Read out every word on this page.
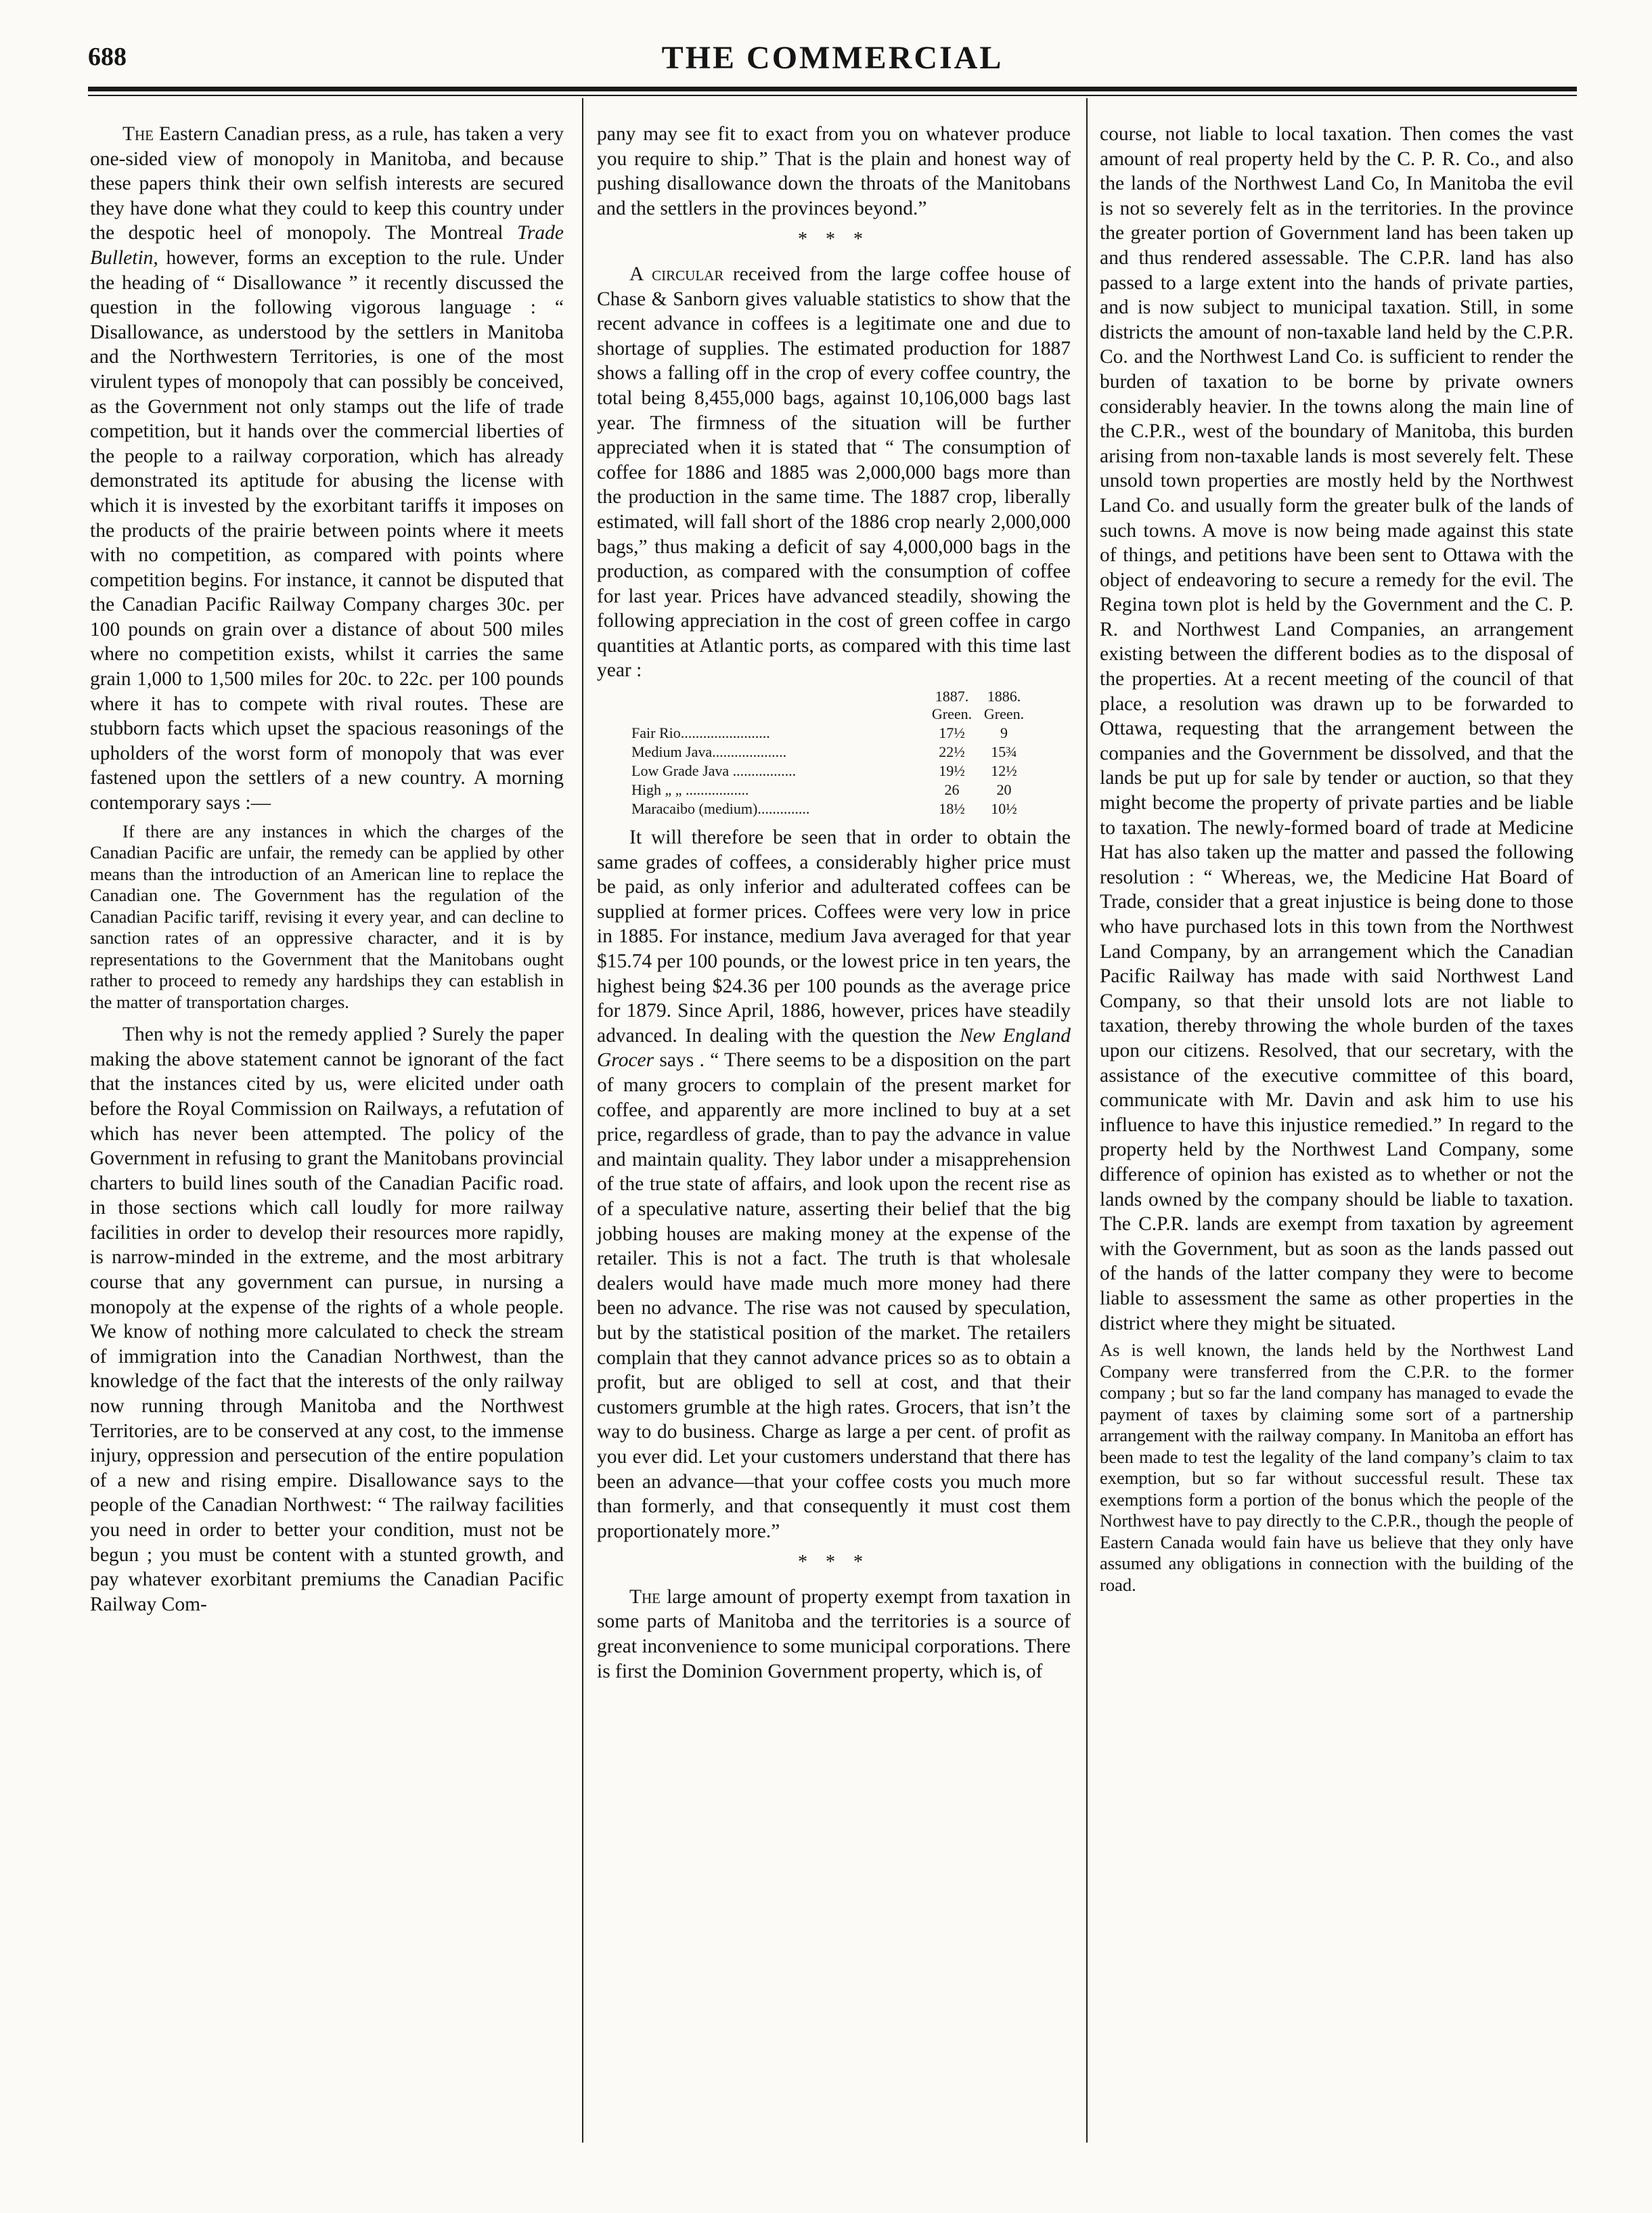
688	THE COMMERCIAL

The Eastern Canadian press, as a rule, has taken a very one-sided view of monopoly in Manitoba, and because these papers think their own selfish interests are secured they have done what they could to keep this country under the despotic heel of monopoly. The Montreal Trade Bulletin, however, forms an exception to the rule. Under the heading of “ Disallowance ” it recently discussed the question in the following vigorous language : “ Disallowance, as understood by the settlers in Manitoba and the Northwestern Territories, is one of the most virulent types of monopoly that can possibly be conceived, as the Government not only stamps out the life of trade competition, but it hands over the commercial liberties of the people to a railway corporation, which has already demonstrated its aptitude for abusing the license with which it is invested by the exorbitant tariffs it imposes on the products of the prairie between points where it meets with no competition, as compared with points where competition begins. For instance, it cannot be disputed that the Canadian Pacific Railway Company charges 30c. per 100 pounds on grain over a distance of about 500 miles where no competition exists, whilst it carries the same grain 1,000 to 1,500 miles for 20c. to 22c. per 100 pounds where it has to compete with rival routes. These are stubborn facts which upset the spacious reasonings of the upholders of the worst form of monopoly that was ever fastened upon the settlers of a new country. A morning contemporary says :—

If there are any instances in which the charges of the Canadian Pacific are unfair, the remedy can be applied by other means than the introduction of an American line to replace the Canadian one. The Government has the regulation of the Canadian Pacific tariff, revising it every year, and can decline to sanction rates of an oppressive character, and it is by representations to the Government that the Manitobans ought rather to proceed to remedy any hardships they can establish in the matter of transportation charges.

Then why is not the remedy applied ? Surely the paper making the above statement cannot be ignorant of the fact that the instances cited by us, were elicited under oath before the Royal Commission on Railways, a refutation of which has never been attempted. The policy of the Government in refusing to grant the Manitobans provincial charters to build lines south of the Canadian Pacific road. in those sections which call loudly for more railway facilities in order to develop their resources more rapidly, is narrow-minded in the extreme, and the most arbitrary course that any government can pursue, in nursing a monopoly at the expense of the rights of a whole people. We know of nothing more calculated to check the stream of immigration into the Canadian Northwest, than the knowledge of the fact that the interests of the only railway now running through Manitoba and the Northwest Territories, are to be conserved at any cost, to the immense injury, oppression and persecution of the entire population of a new and rising empire. Disallowance says to the people of the Canadian Northwest: “ The railway facilities you need in order to better your condition, must not be begun ; you must be content with a stunted growth, and pay whatever exorbitant premiums the Canadian Pacific Railway Com-

pany may see fit to exact from you on whatever produce you require to ship.” That is the plain and honest way of pushing disallowance down the throats of the Manitobans and the settlers in the provinces beyond.”

* * *

A circular received from the large coffee house of Chase & Sanborn gives valuable statistics to show that the recent advance in coffees is a legitimate one and due to shortage of supplies. The estimated production for 1887 shows a falling off in the crop of every coffee country, the total being 8,455,000 bags, against 10,106,000 bags last year. The firmness of the situation will be further appreciated when it is stated that “ The consumption of coffee for 1886 and 1885 was 2,000,000 bags more than the production in the same time. The 1887 crop, liberally estimated, will fall short of the 1886 crop nearly 2,000,000 bags,” thus making a deficit of say 4,000,000 bags in the production, as compared with the consumption of coffee for last year. Prices have advanced steadily, showing the following appreciation in the cost of green coffee in cargo quantities at Atlantic ports, as compared with this time last year :

	1887.
Green.	1886.
Green.
Fair Rio........................	17½	9
Medium Java....................	22½	15¾
Low Grade Java .................	19½	12½
High „ „ .................	26	20
Maracaibo (medium)..............	18½	10½

It will therefore be seen that in order to obtain the same grades of coffees, a considerably higher price must be paid, as only inferior and adulterated coffees can be supplied at former prices. Coffees were very low in price in 1885. For instance, medium Java averaged for that year $15.74 per 100 pounds, or the lowest price in ten years, the highest being $24.36 per 100 pounds as the average price for 1879. Since April, 1886, however, prices have steadily advanced. In dealing with the question the New England Grocer says . “ There seems to be a disposition on the part of many grocers to complain of the present market for coffee, and apparently are more inclined to buy at a set price, regardless of grade, than to pay the advance in value and maintain quality. They labor under a misapprehension of the true state of affairs, and look upon the recent rise as of a speculative nature, asserting their belief that the big jobbing houses are making money at the expense of the retailer. This is not a fact. The truth is that wholesale dealers would have made much more money had there been no advance. The rise was not caused by speculation, but by the statistical position of the market. The retailers complain that they cannot advance prices so as to obtain a profit, but are obliged to sell at cost, and that their customers grumble at the high rates. Grocers, that isn’t the way to do business. Charge as large a per cent. of profit as you ever did. Let your customers understand that there has been an advance—that your coffee costs you much more than formerly, and that consequently it must cost them proportionately more.”

* * *

The large amount of property exempt from taxation in some parts of Manitoba and the territories is a source of great inconvenience to some municipal corporations. There is first the Dominion Government property, which is, of

course, not liable to local taxation. Then comes the vast amount of real property held by the C. P. R. Co., and also the lands of the Northwest Land Co, In Manitoba the evil is not so severely felt as in the territories. In the province the greater portion of Government land has been taken up and thus rendered assessable. The C.P.R. land has also passed to a large extent into the hands of private parties, and is now subject to municipal taxation. Still, in some districts the amount of non-taxable land held by the C.P.R. Co. and the Northwest Land Co. is sufficient to render the burden of taxation to be borne by private owners considerably heavier. In the towns along the main line of the C.P.R., west of the boundary of Manitoba, this burden arising from non-taxable lands is most severely felt. These unsold town properties are mostly held by the Northwest Land Co. and usually form the greater bulk of the lands of such towns. A move is now being made against this state of things, and petitions have been sent to Ottawa with the object of endeavoring to secure a remedy for the evil. The Regina town plot is held by the Government and the C. P. R. and Northwest Land Companies, an arrangement existing between the different bodies as to the disposal of the properties. At a recent meeting of the council of that place, a resolution was drawn up to be forwarded to Ottawa, requesting that the arrangement between the companies and the Government be dissolved, and that the lands be put up for sale by tender or auction, so that they might become the property of private parties and be liable to taxation. The newly-formed board of trade at Medicine Hat has also taken up the matter and passed the following resolution : “ Whereas, we, the Medicine Hat Board of Trade, consider that a great injustice is being done to those who have purchased lots in this town from the Northwest Land Company, by an arrangement which the Canadian Pacific Railway has made with said Northwest Land Company, so that their unsold lots are not liable to taxation, thereby throwing the whole burden of the taxes upon our citizens. Resolved, that our secretary, with the assistance of the executive committee of this board, communicate with Mr. Davin and ask him to use his influence to have this injustice remedied.” In regard to the property held by the Northwest Land Company, some difference of opinion has existed as to whether or not the lands owned by the company should be liable to taxation. The C.P.R. lands are exempt from taxation by agreement with the Government, but as soon as the lands passed out of the hands of the latter company they were to become liable to assessment the same as other properties in the district where they might be situated.

As is well known, the lands held by the Northwest Land Company were transferred from the C.P.R. to the former company ; but so far the land company has managed to evade the payment of taxes by claiming some sort of a partnership arrangement with the railway company. In Manitoba an effort has been made to test the legality of the land company’s claim to tax exemption, but so far without successful result. These tax exemptions form a portion of the bonus which the people of the Northwest have to pay directly to the C.P.R., though the people of Eastern Canada would fain have us believe that they only have assumed any obligations in connection with the building of the road.
